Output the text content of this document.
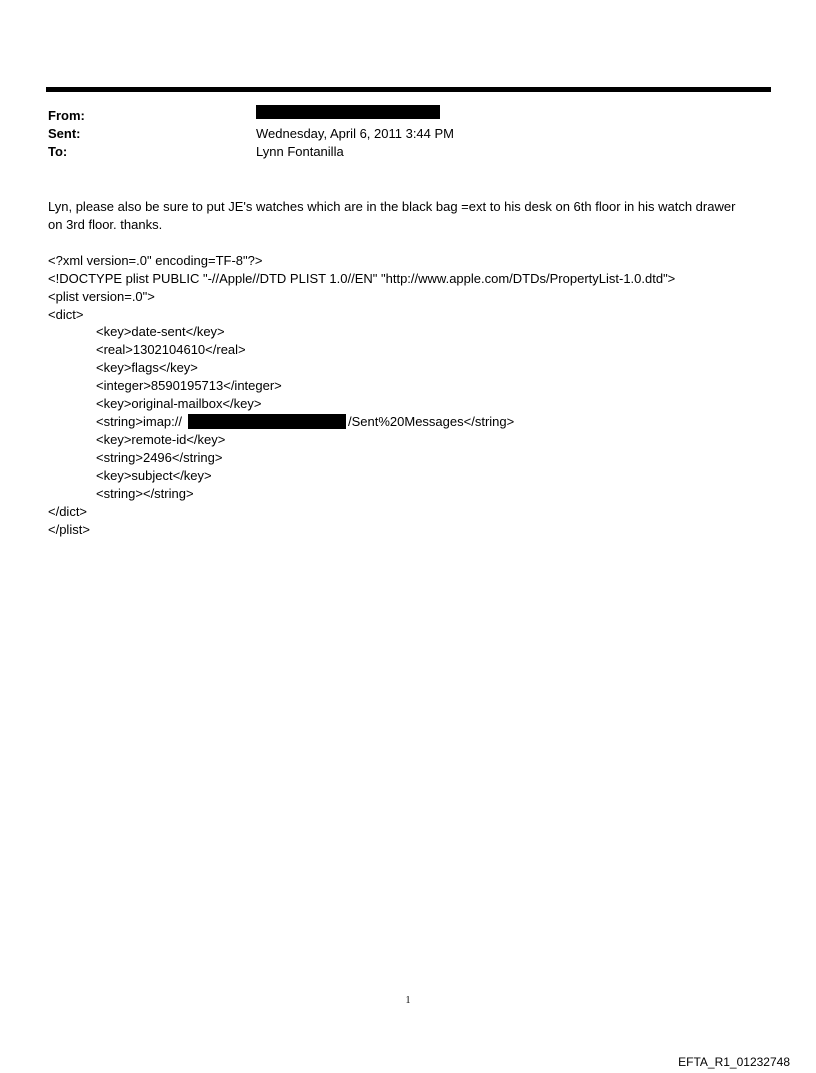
From:
Sent:	Wednesday, April 6, 2011 3:44 PM
To:	Lynn Fontanilla
Lyn, please also be sure to put JE's watches which are in the black bag =ext to his desk on 6th floor in his watch drawer
on 3rd floor. thanks.
<?xml version=.0" encoding=TF-8"?>
<!DOCTYPE plist PUBLIC "-//Apple//DTD PLIST 1.0//EN" "http://www.apple.com/DTDs/PropertyList-1.0.dtd">
<plist version=.0">
<dict>
<key>date-sent</key>
<real>1302104610</real>
<key>flags</key>
<integer>8590195713</integer>
<key>original-mailbox</key>
<string>imap://	/Sent%20Messages</string>
<key>remote-id</key>
<string>2496</string>
<key>subject</key>
<string></string>
</dict>
</plist>
1
EFTA_R1_01232748
